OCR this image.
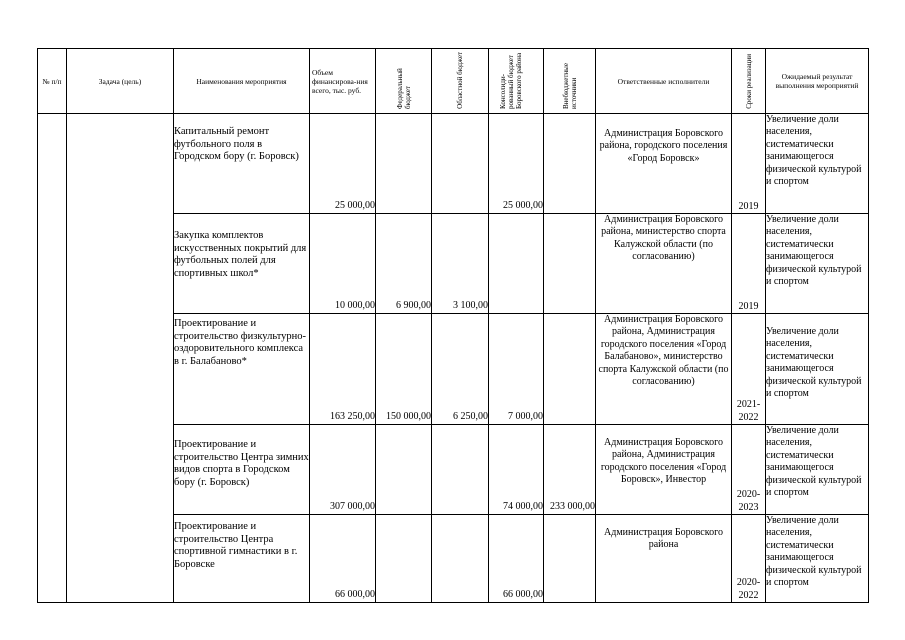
№ п/п	Задача (цель)	Наименования мероприятия	Объем финансирова-ния всего, тыс. руб.	Федеральный бюджет	Областной бюджет	Консолиди-рованный бюджет Боровского района	Внебюджетные источники	Ответственные исполнители	Сроки реализации	Ожидаемый результат выполнения мероприятий

		Капитальный ремонт футбольного поля в Городском бору (г. Боровск)	25 000,00			25 000,00		Администрация Боровского района, городского поселения «Город Боровск»	2019	Увеличение доли населения, систематически занимающегося физической культурой и спортом
		Закупка комплектов искусственных покрытий для футбольных полей для спортивных школ*	10 000,00	6 900,00	3 100,00			Администрация Боровского района, министерство спорта Калужской области (по согласованию)	2019	Увеличение доли населения, систематически занимающегося физической культурой и спортом
		Проектирование и строительство физкультурно-оздоровительного комплекса в г. Балабаново*	163 250,00	150 000,00	6 250,00	7 000,00		Администрация Боровского района, Администрация городского поселения «Город Балабаново», министерство спорта Калужской области (по согласованию)	2021-2022	Увеличение доли населения, систематически занимающегося физической культурой и спортом
		Проектирование и строительство Центра зимних видов спорта в Городском бору (г. Боровск)	307 000,00			74 000,00	233 000,00	Администрация Боровского района, Администрация городского поселения «Город Боровск», Инвестор	2020-2023	Увеличение доли населения, систематически занимающегося физической культурой и спортом
		Проектирование и строительство Центра спортивной гимнастики в г. Боровске	66 000,00			66 000,00		Администрация Боровского района	2020-2022	Увеличение доли населения, систематически занимающегося физической культурой и спортом
